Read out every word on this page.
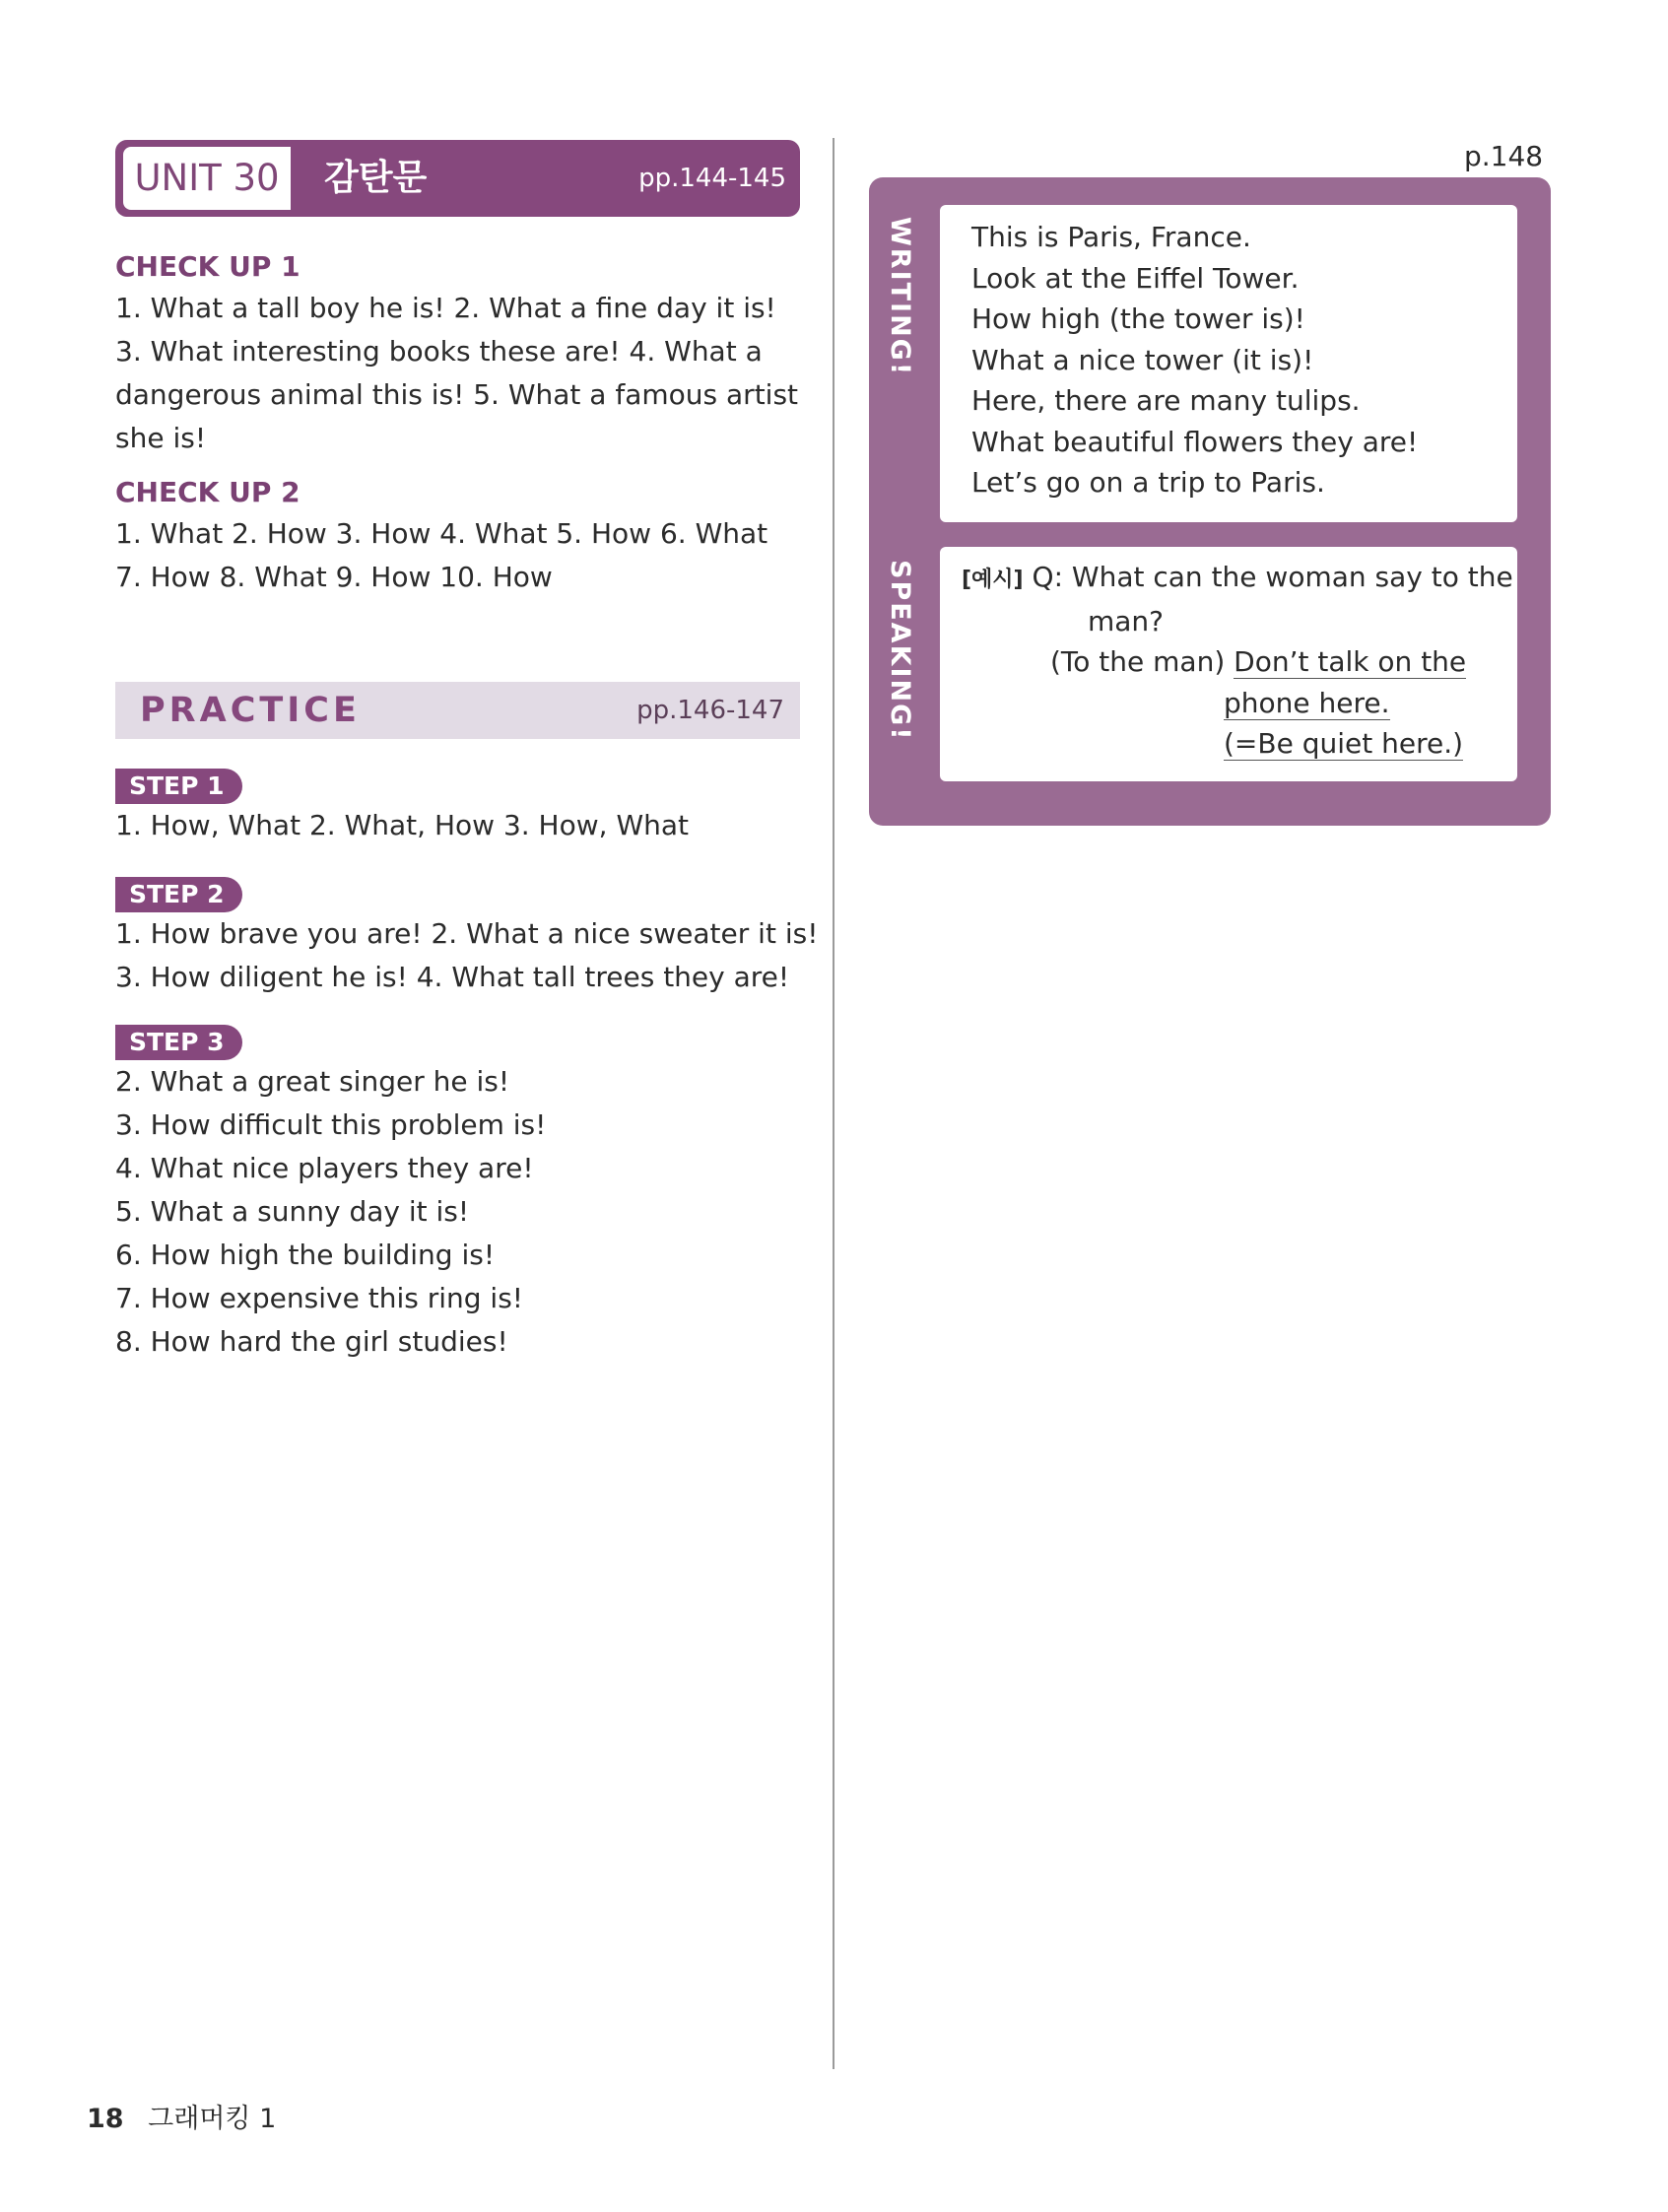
UNIT 30	감탄문	pp.144-145

CHECK UP 1

1. What a tall boy he is! 2. What a fine day it is!

3. What interesting books these are! 4. What a

dangerous animal this is! 5. What a famous artist

she is!

CHECK UP 2

1. What 2. How 3. How 4. What 5. How 6. What

7. How 8. What 9. How 10. How

PRACTICE	pp.146-147
STEP 1

1. How, What 2. What, How 3. How, What

STEP 2

1. How brave you are! 2. What a nice sweater it is!

3. How diligent he is! 4. What tall trees they are!

STEP 3

2. What a great singer he is!

3. How difficult this problem is!

4. What nice players they are!

5. What a sunny day it is!

6. How high the building is!

7. How expensive this ring is!

8. How hard the girl studies!

p.148
WRITING!
SPEAKING!

This is Paris, France.

Look at the Eiffel Tower.

How high (the tower is)!

What a nice tower (it is)!

Here, there are many tulips.

What beautiful flowers they are!

Let’s go on a trip to Paris.

[예시] Q: What can the woman say to the

man?

(To the man) Don’t talk on the

phone here.

(=Be quiet here.)

18 그래머킹 1
